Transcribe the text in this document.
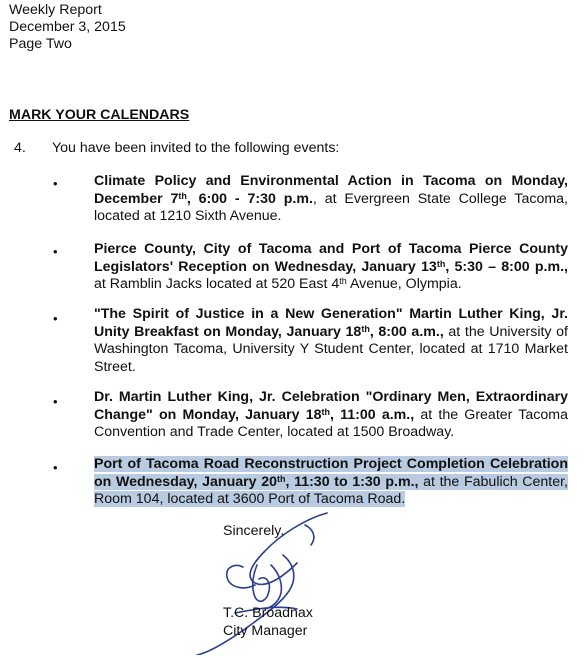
Weekly Report
December 3, 2015
Page Two
MARK YOUR CALENDARS
4. You have been invited to the following events:
•	Climate Policy and Environmental Action in Tacoma on Monday, December 7th, 6:00 - 7:30 p.m., at Evergreen State College Tacoma, located at 1210 Sixth Avenue.
•	Pierce County, City of Tacoma and Port of Tacoma Pierce County Legislators' Reception on Wednesday, January 13th, 5:30 – 8:00 p.m., at Ramblin Jacks located at 520 East 4th Avenue, Olympia.
•	"The Spirit of Justice in a New Generation" Martin Luther King, Jr. Unity Breakfast on Monday, January 18th, 8:00 a.m., at the University of Washington Tacoma, University Y Student Center, located at 1710 Market Street.
•	Dr. Martin Luther King, Jr. Celebration "Ordinary Men, Extraordinary Change" on Monday, January 18th, 11:00 a.m., at the Greater Tacoma Convention and Trade Center, located at 1500 Broadway.
•	Port of Tacoma Road Reconstruction Project Completion Celebration on Wednesday, January 20th, 11:30 to 1:30 p.m., at the Fabulich Center, Room 104, located at 3600 Port of Tacoma Road.
Sincerely,
T.C. Broadnax
City Manager
